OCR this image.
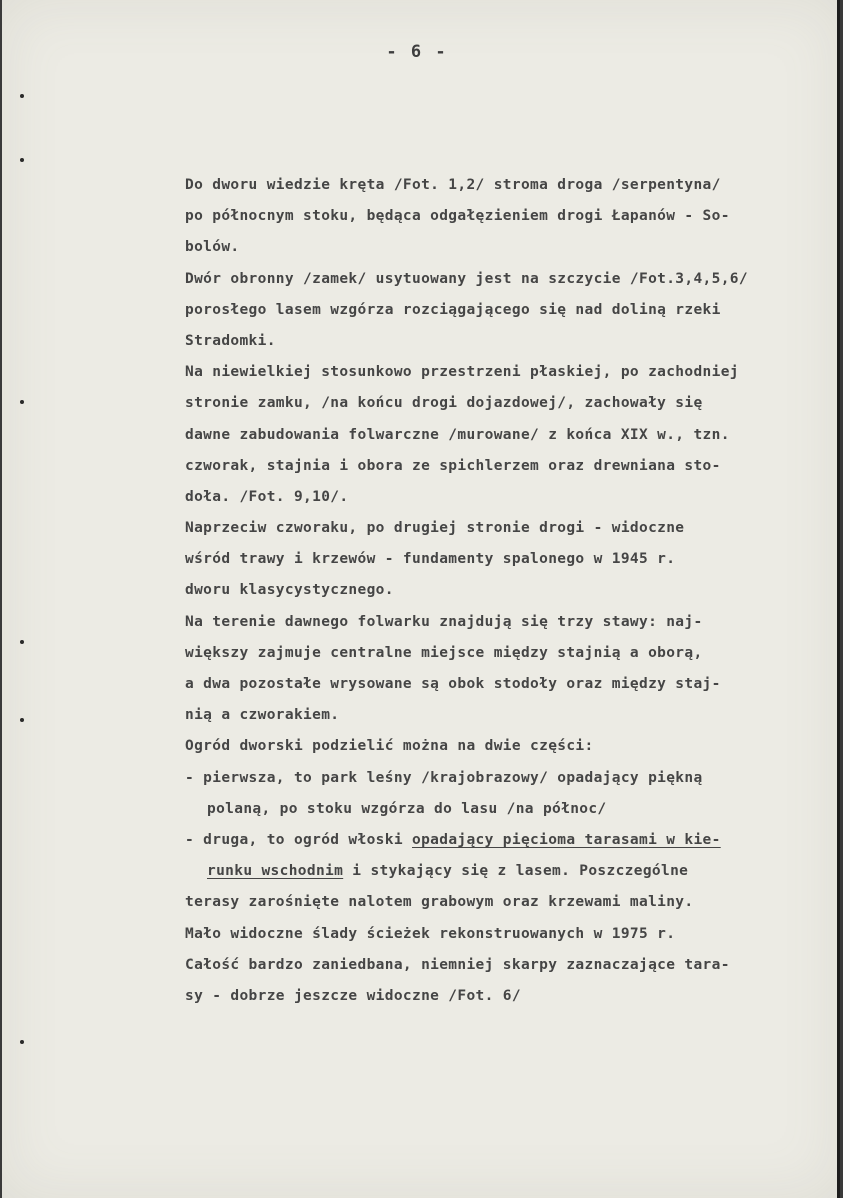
- 6 -
Do dworu wiedzie kręta /Fot. 1,2/ stroma droga /serpentyna/
po północnym stoku, będąca odgałęzieniem drogi Łapanów - So-
bolów.
Dwór obronny /zamek/ usytuowany jest na szczycie /Fot.3,4,5,6/
porosłego lasem wzgórza rozciągającego się nad doliną rzeki
Stradomki.
Na niewielkiej stosunkowo przestrzeni płaskiej, po zachodniej
stronie zamku, /na końcu drogi dojazdowej/, zachowały się
dawne zabudowania folwarczne /murowane/ z końca XIX w., tzn.
czworak, stajnia i obora ze spichlerzem oraz drewniana sto-
doła. /Fot. 9,10/.
Naprzeciw czworaku, po drugiej stronie drogi - widoczne
wśród trawy i krzewów - fundamenty spalonego w 1945 r.
dworu klasycystycznego.
Na terenie dawnego folwarku znajdują się trzy stawy: naj-
większy zajmuje centralne miejsce między stajnią a oborą,
a dwa pozostałe wrysowane są obok stodoły oraz między staj-
nią a czworakiem.
Ogród dworski podzielić można na dwie części:
- pierwsza, to park leśny /krajobrazowy/ opadający piękną
polaną, po stoku wzgórza do lasu /na północ/
- druga, to ogród włoski opadający pięcioma tarasami w kie-
runku wschodnim i stykający się z lasem. Poszczególne
terasy zarośnięte nalotem grabowym oraz krzewami maliny.
Mało widoczne ślady ścieżek rekonstruowanych w 1975 r.
Całość bardzo zaniedbana, niemniej skarpy zaznaczające tara-
sy - dobrze jeszcze widoczne /Fot. 6/
